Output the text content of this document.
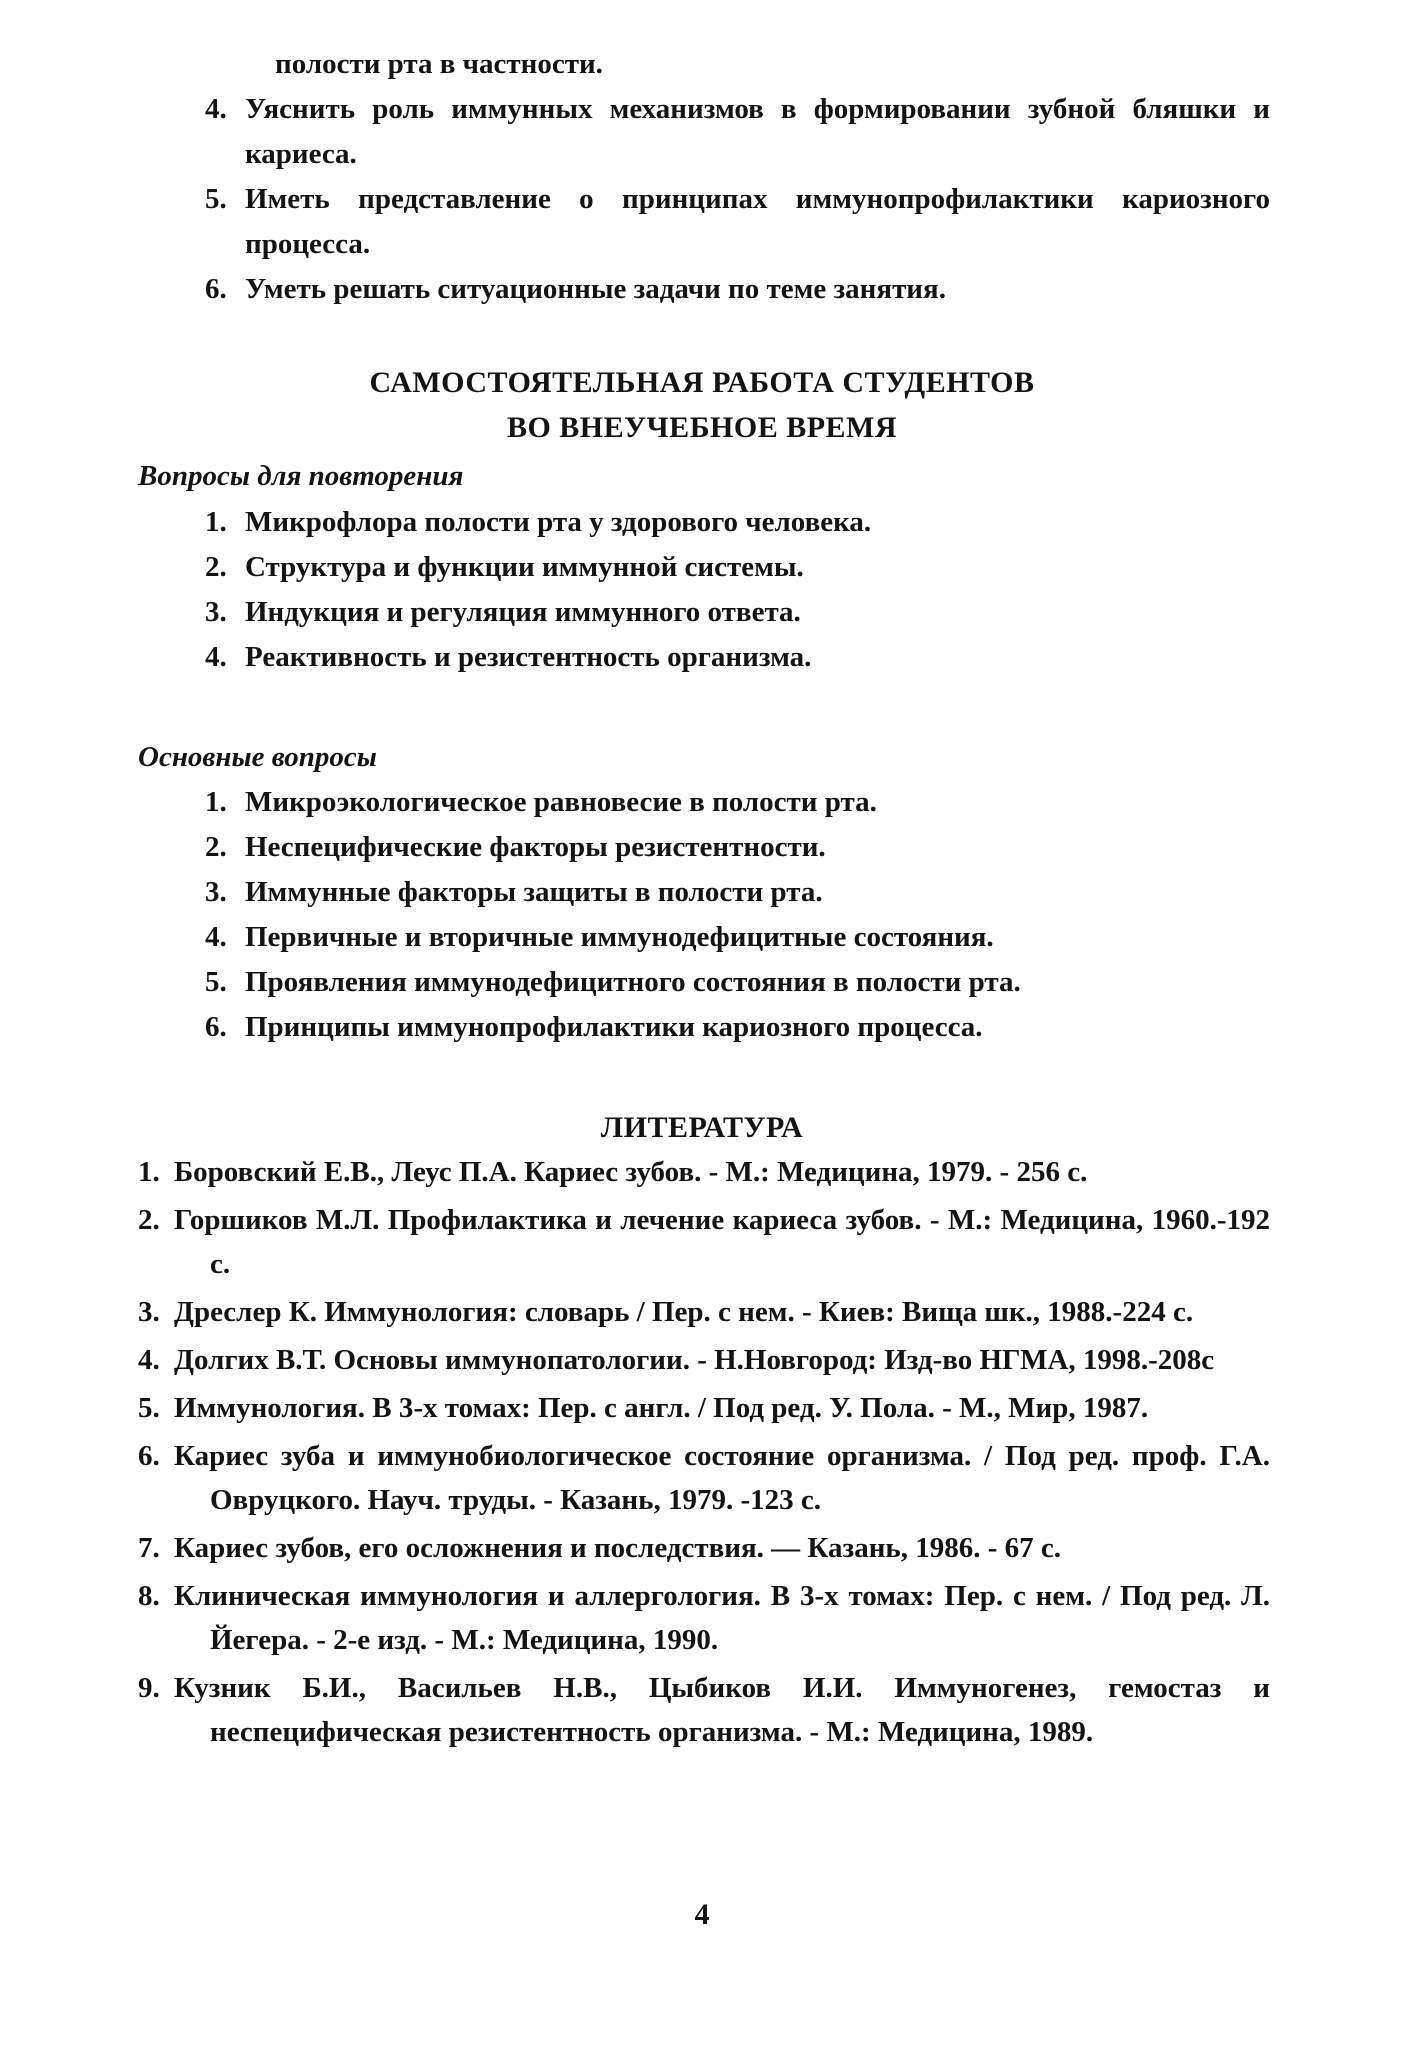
полости рта в частности.
4. Уяснить роль иммунных механизмов в формировании зубной бляшки и кариеса.
5. Иметь представление о принципах иммунопрофилактики кариозного процесса.
6. Уметь решать ситуационные задачи по теме занятия.
САМОСТОЯТЕЛЬНАЯ РАБОТА СТУДЕНТОВ
ВО ВНЕУЧЕБНОЕ ВРЕМЯ
Вопросы для повторения
1. Микрофлора полости рта у здорового человека.
2. Структура и функции иммунной системы.
3. Индукция и регуляция иммунного ответа.
4. Реактивность и резистентность организма.
Основные вопросы
1. Микроэкологическое равновесие в полости рта.
2. Неспецифические факторы резистентности.
3. Иммунные факторы защиты в полости рта.
4. Первичные и вторичные иммунодефицитные состояния.
5. Проявления иммунодефицитного состояния в полости рта.
6. Принципы иммунопрофилактики кариозного процесса.
ЛИТЕРАТУРА
1. Боровский Е.В., Леус П.А. Кариес зубов. - М.: Медицина, 1979. - 256 с.
2. Горшиков М.Л. Профилактика и лечение кариеса зубов. - М.: Медицина, 1960.-192 с.
3. Дреслер К. Иммунология: словарь / Пер. с нем. - Киев: Вища шк., 1988.-224 с.
4. Долгих В.Т. Основы иммунопатологии. - Н.Новгород: Изд-во НГМА, 1998.-208с
5. Иммунология. В 3-х томах: Пер. с англ. / Под ред. У. Пола. - М., Мир, 1987.
6. Кариес зуба и иммунобиологическое состояние организма. / Под ред. проф. Г.А. Овруцкого. Науч. труды. - Казань, 1979. -123 с.
7. Кариес зубов, его осложнения и последствия. — Казань, 1986. - 67 с.
8. Клиническая иммунология и аллергология. В 3-х томах: Пер. с нем. / Под ред. Л. Йегера. - 2-е изд. - М.: Медицина, 1990.
9. Кузник Б.И., Васильев Н.В., Цыбиков И.И. Иммуногенез, гемостаз и неспецифическая резистентность организма. - М.: Медицина, 1989.
4
